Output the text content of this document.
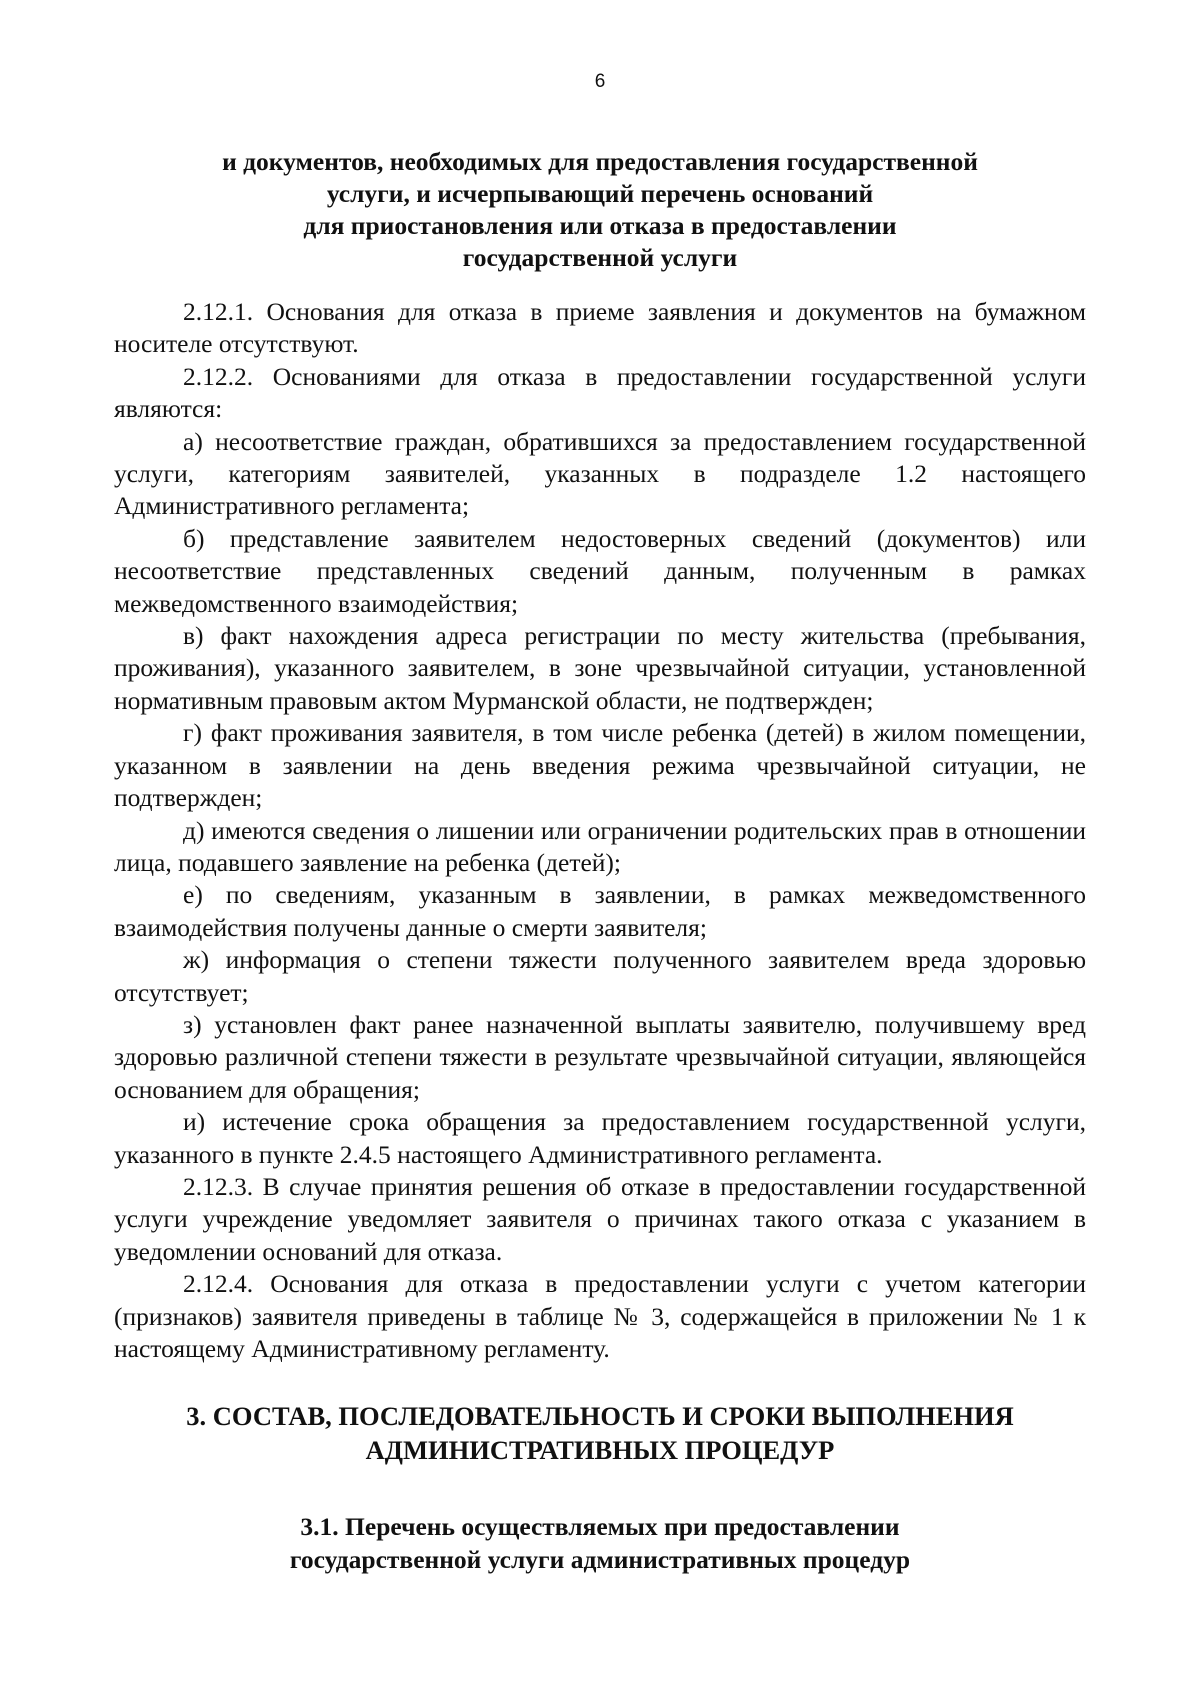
6
и документов, необходимых для предоставления государственной
услуги, и исчерпывающий перечень оснований
для приостановления или отказа в предоставлении
государственной услуги

2.12.1. Основания для отказа в приеме заявления и документов на бумажном носителе отсутствуют.

2.12.2. Основаниями для отказа в предоставлении государственной услуги являются:

а) несоответствие граждан, обратившихся за предоставлением государственной услуги, категориям заявителей, указанных в подразделе 1.2 настоящего Административного регламента;

б) представление заявителем недостоверных сведений (документов) или несоответствие представленных сведений данным, полученным в рамках межведомственного взаимодействия;

в) факт нахождения адреса регистрации по месту жительства (пребывания, проживания), указанного заявителем, в зоне чрезвычайной ситуации, установленной нормативным правовым актом Мурманской области, не подтвержден;

г) факт проживания заявителя, в том числе ребенка (детей) в жилом помещении, указанном в заявлении на день введения режима чрезвычайной ситуации, не подтвержден;

д) имеются сведения о лишении или ограничении родительских прав в отношении лица, подавшего заявление на ребенка (детей);

е) по сведениям, указанным в заявлении, в рамках межведомственного взаимодействия получены данные о смерти заявителя;

ж) информация о степени тяжести полученного заявителем вреда здоровью отсутствует;

з) установлен факт ранее назначенной выплаты заявителю, получившему вред здоровью различной степени тяжести в результате чрезвычайной ситуации, являющейся основанием для обращения;

и) истечение срока обращения за предоставлением государственной услуги, указанного в пункте 2.4.5 настоящего Административного регламента.

2.12.3. В случае принятия решения об отказе в предоставлении государственной услуги учреждение уведомляет заявителя о причинах такого отказа с указанием в уведомлении оснований для отказа.

2.12.4. Основания для отказа в предоставлении услуги с учетом категории (признаков) заявителя приведены в таблице № 3, содержащейся в приложении № 1 к настоящему Административному регламенту.

3. СОСТАВ, ПОСЛЕДОВАТЕЛЬНОСТЬ И СРОКИ ВЫПОЛНЕНИЯ
АДМИНИСТРАТИВНЫХ ПРОЦЕДУР
3.1. Перечень осуществляемых при предоставлении
государственной услуги административных процедур
